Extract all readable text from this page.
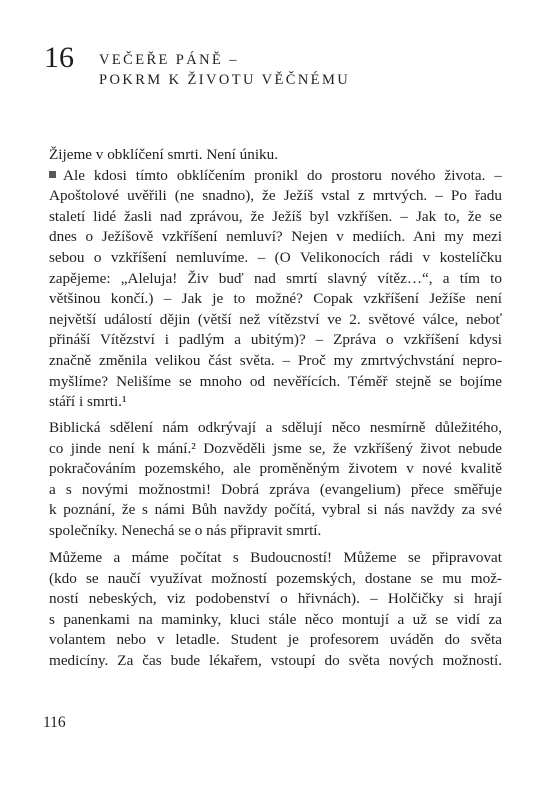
16 VEČEŘE PÁNĚ –
POKRM K ŽIVOTU VĚČNÉMU
Žijeme v obklíčení smrti. Není úniku.
Ale kdosi tímto obklíčením pronikl do prostoru nového života. –
Apoštolové uvěřili (ne snadno), že Ježíš vstal z mrtvých. – Po řadu
staletí lidé žasli nad zprávou, že Ježíš byl vzkříšen. – Jak to, že se
dnes o Ježíšově vzkříšení nemluví? Nejen v mediích. Ani my mezi
sebou o vzkříšení nemluvíme. – (O Velikonocích rádi v kostelíčku
zapějeme: „Aleluja! Živ buď nad smrtí slavný vítěz…“, a tím to
většinou končí.) – Jak je to možné? Copak vzkříšení Ježíše není
největší událostí dějin (větší než vítězství ve 2. světové válce, neboť
přináší Vítězství i padlým a ubitým)? – Zpráva o vzkříšení kdysi
značně změnila velikou část světa. – Proč my zmrtvýchvstání nepro-
myšlíme? Nelišíme se mnoho od nevěřících. Téměř stejně se bojíme
stáří i smrti.¹
Biblická sdělení nám odkrývají a sdělují něco nesmírně důležitého,
co jinde není k mání.² Dozvěděli jsme se, že vzkříšený život nebude
pokračováním pozemského, ale proměněným životem v nové kvalitě
a s novými možnostmi! Dobrá zpráva (evangelium) přece směřuje
k poznání, že s námi Bůh navždy počítá, vybral si nás navždy za své
společníky. Nenechá se o nás připravit smrtí.
Můžeme a máme počítat s Budoucností! Můžeme se připravovat
(kdo se naučí využívat možností pozemských, dostane se mu mož-
ností nebeských, viz podobenství o hřivnách). – Holčičky si hrají
s panenkami na maminky, kluci stále něco montují a už se vidí za
volantem nebo v letadle. Student je profesorem uváděn do světa
medicíny. Za čas bude lékařem, vstoupí do světa nových možností.
116
